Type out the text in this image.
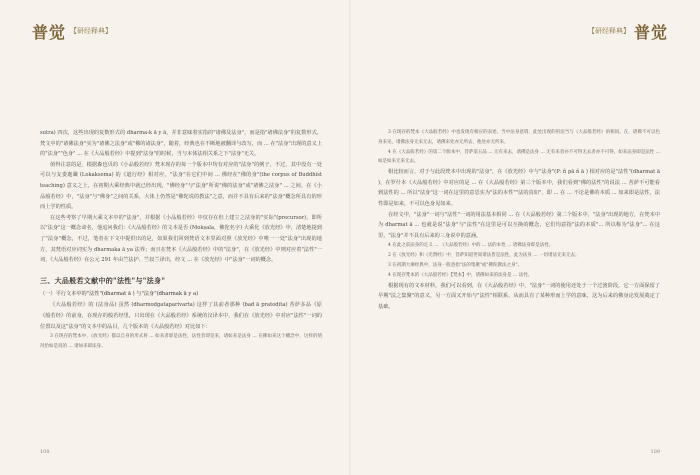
普觉 【研经释典】

sutra) 四次，这些出现的复数形式的 dharma-k ā y ā，并非意味着实指的"诸佛及法身"，而是指"诸佛法身"的复数形式，梵文中的"诸佛法身"实为"诸佛之法身"或"佛的诸法身"，随着，经典也在不断地被翻译与改写，而 ... 在"法身"出现的意义上的"法身""色身" ... 在《大品般若经》中提到"法身"的时候，当与本体法相关系之下"法身"无关。

值得注意的是，根据森也贝的《小品般若经》梵本现存的每一个版本中均有对应的"法身"的例子，不过，其中没有一处可以与支娄迦谶 (Lokaksema) 的《道行经》相对应，"法身"在它们中间 ... 佛经在"佛的身"(the corpus of Buddhist teaching) 意义之上，在初期大乘经典中就已经出现，"佛经身"与"法身"所说"佛的法身"或"诸佛之法身" ... 之间，在《小品般若经》中，"法身"与"佛身"之间的关系，大体上仍然是"佛陀说的教法"之意，而并不具有后来的"法身"概念所具有的形而上学的性质。

在这些考察了早期大乘文本中的"法身"，并根据《小品般若经》中仅存在但上建立之法身的"实际"(precursor)，即所以"法身"这一概念命名，他追问我们：《大品般若经》的文本是否 (Mokṣala，佛陀名字) 大乘化《放光经》中，清楚地提到了"法身"概念，不过，笔者在下文中提供出的是，如果我们回到梵语文本里面对照《放光经》中唯一一处"法身"出现的地方，其梵语对应词实为 dharmaka ā ya 法界；而且在梵本《大品般若经》中的"法身"，在《放光经》中则对应着"法性"一词，《大品般若经》在公元 291 年由竺法护、竺叔兰译出，经文 ... 在《放光经》中"法身"一词的概念。

三、大品般若文献中的"法性"与"法身"
（一）平行文本中的"法性"(dharmat ā ) 与"法身"(dharmak ā y a)

《大品般若经》的 (法身品) 虽然 (dharmodgataparivarta) 这样了其前者那种 (bad ā pratodita) 菩萨多品《原《般若经》的前身，在现存的般若经里，只出现在《大品般若经》系统的汉译本中，我们在《放光经》中对应"法性"一词的位置以及这"法身"的文本中的品目，几个版本的《大品般若经》对比如下：

3 在现存的梵本中，《放光经》都以自身的形式将 ... 如来者即是法性，法性者即是来，诸如来是法身 ... 在佛如来这个概念中，这样的情况恰如是说的 ... 诸如来即法身。

108
【研经释典】 普觉

3 在现存的梵本《大品般若经》中也发现有相应的表述，当中法身意谓，此处出现的用法当与《大品般若经》的相同。在，诸佛不可以色身来见，诸佛法身无来无去，诸佛来处亦无所去，他处亦无所来。

4 在《大品般若经》的第二个版本中，菩萨第五品 ... 无有来去，诸佛是法身 ... 无有来者亦不可得无去者亦不可得，如来法身即是法性 ... 如是如来无来无去。

相比较而言，对于与此段梵本中出现的"法身"，在《放光经》中与"法身"(P: ñ pā ñ ā ) 相对应的是"法性"(dharmat ā )，在罗什本《大品般若经》中对应的是 ... 在《大品般若经》第三个版本中，我们看到"佛的法性"的说法 ... 菩萨不可能看到法性的 ... 所以"法身"这一词在这里的意思实为"法的本性""法的真如"，即 ... 在 ... 不论是佛的本质 ... 如来即是法性，法性即是如来，不可以色身见如来。

在经文中，"法身"一词与"法性"一词的用法基本相同 ... 在《大品般若经》第二个版本中，"法身"出现的地方，在梵本中为 dharmat ā ... 也就是说"法身"与"法性"在这里是可以互换的概念，它们均意指"法的本质"... 所以称为"法身"... 在这里，"法身"并不具有后来的三身说中的意涵。

4 在此之前法身的定义 ... 《大品般若经》中的 ... 法的本性 ... 诸佛法身即是法性。

2 在《放光经》和《光赞经》中，菩萨知道世间诸法皆是法性，此为法身 ... 一切诸法无来无去。

3 在初期大乘经典中，法身一般意指"法的集聚"或"佛陀教法之身"。

4 在现存梵本的《大品般若经》【梵本】中，诸佛如来的法身是 ... 法性。

根据现有的文本材料，我们可以看到，在《大品般若经》中，"法身"一词的使用还处于一个过渡阶段，它一方面保留了早期"法之集聚"的意义，另一方面又开始与"法性"相联系，从而具有了某种形而上学的意味，这为后来的佛身论发展奠定了基础。

109
